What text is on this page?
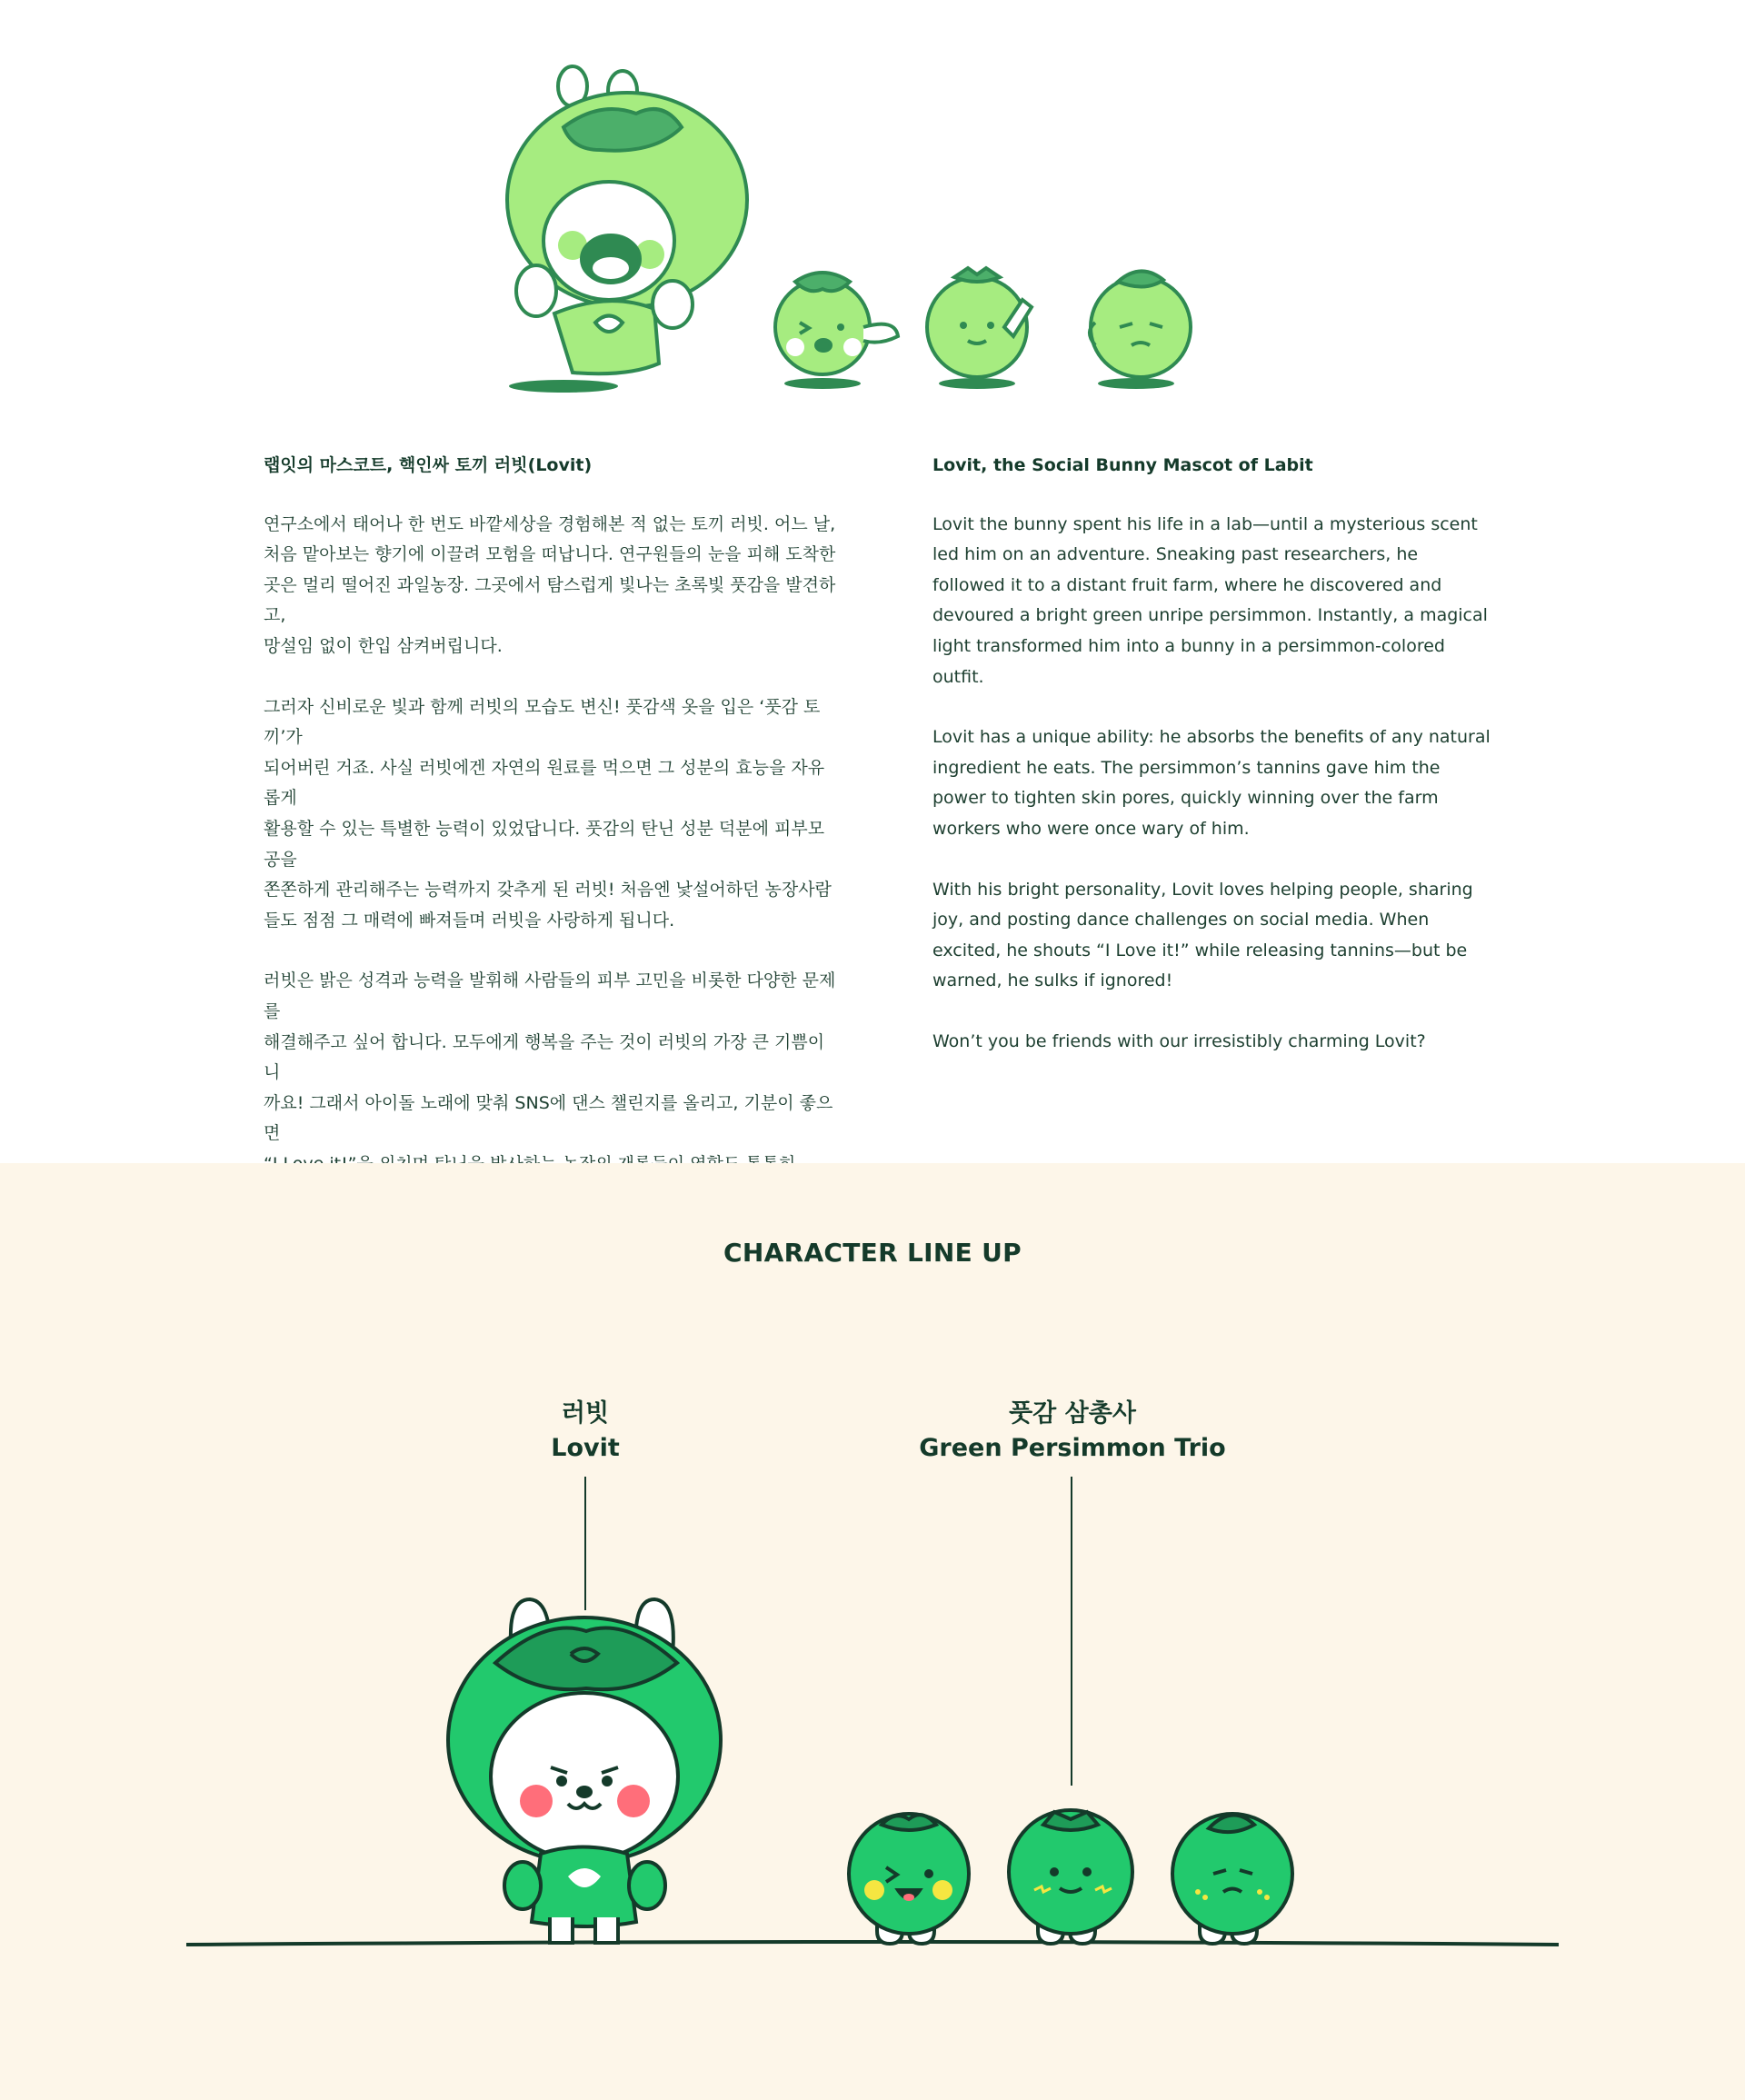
랩잇의 마스코트, 핵인싸 토끼 러빗(Lovit)

연구소에서 태어나 한 번도 바깥세상을 경험해본 적 없는 토끼 러빗. 어느 날,
처음 맡아보는 향기에 이끌려 모험을 떠납니다. 연구원들의 눈을 피해 도착한
곳은 멀리 떨어진 과일농장. 그곳에서 탐스럽게 빛나는 초록빛 풋감을 발견하고,
망설임 없이 한입 삼켜버립니다.

그러자 신비로운 빛과 함께 러빗의 모습도 변신! 풋감색 옷을 입은 ‘풋감 토끼’가
되어버린 거죠. 사실 러빗에겐 자연의 원료를 먹으면 그 성분의 효능을 자유롭게
활용할 수 있는 특별한 능력이 있었답니다. 풋감의 탄닌 성분 덕분에 피부모공을
쫀쫀하게 관리해주는 능력까지 갖추게 된 러빗! 처음엔 낯설어하던 농장사람
들도 점점 그 매력에 빠져들며 러빗을 사랑하게 됩니다.

러빗은 밝은 성격과 능력을 발휘해 사람들의 피부 고민을 비롯한 다양한 문제를
해결해주고 싶어 합니다. 모두에게 행복을 주는 것이 러빗의 가장 큰 기쁨이니
까요! 그래서 아이돌 노래에 맞춰 SNS에 댄스 챌린지를 올리고, 기분이 좋으면

Lovit, the Social Bunny Mascot of Labit

Lovit the bunny spent his life in a lab—until a mysterious scent
led him on an adventure. Sneaking past researchers, he
followed it to a distant fruit farm, where he discovered and
devoured a bright green unripe persimmon. Instantly, a magical
light transformed him into a bunny in a persimmon-colored
outfit.

Lovit has a unique ability: he absorbs the benefits of any natural
ingredient he eats. The persimmon’s tannins gave him the
power to tighten skin pores, quickly winning over the farm
workers who were once wary of him.

With his bright personality, Lovit loves helping people, sharing
joy, and posting dance challenges on social media. When
excited, he shouts “I Love it!” while releasing tannins—but be
warned, he sulks if ignored!

Won’t you be friends with our irresistibly charming Lovit?

CHARACTER LINE UP
러빗
Lovit
풋감 삼총사
Green Persimmon Trio
